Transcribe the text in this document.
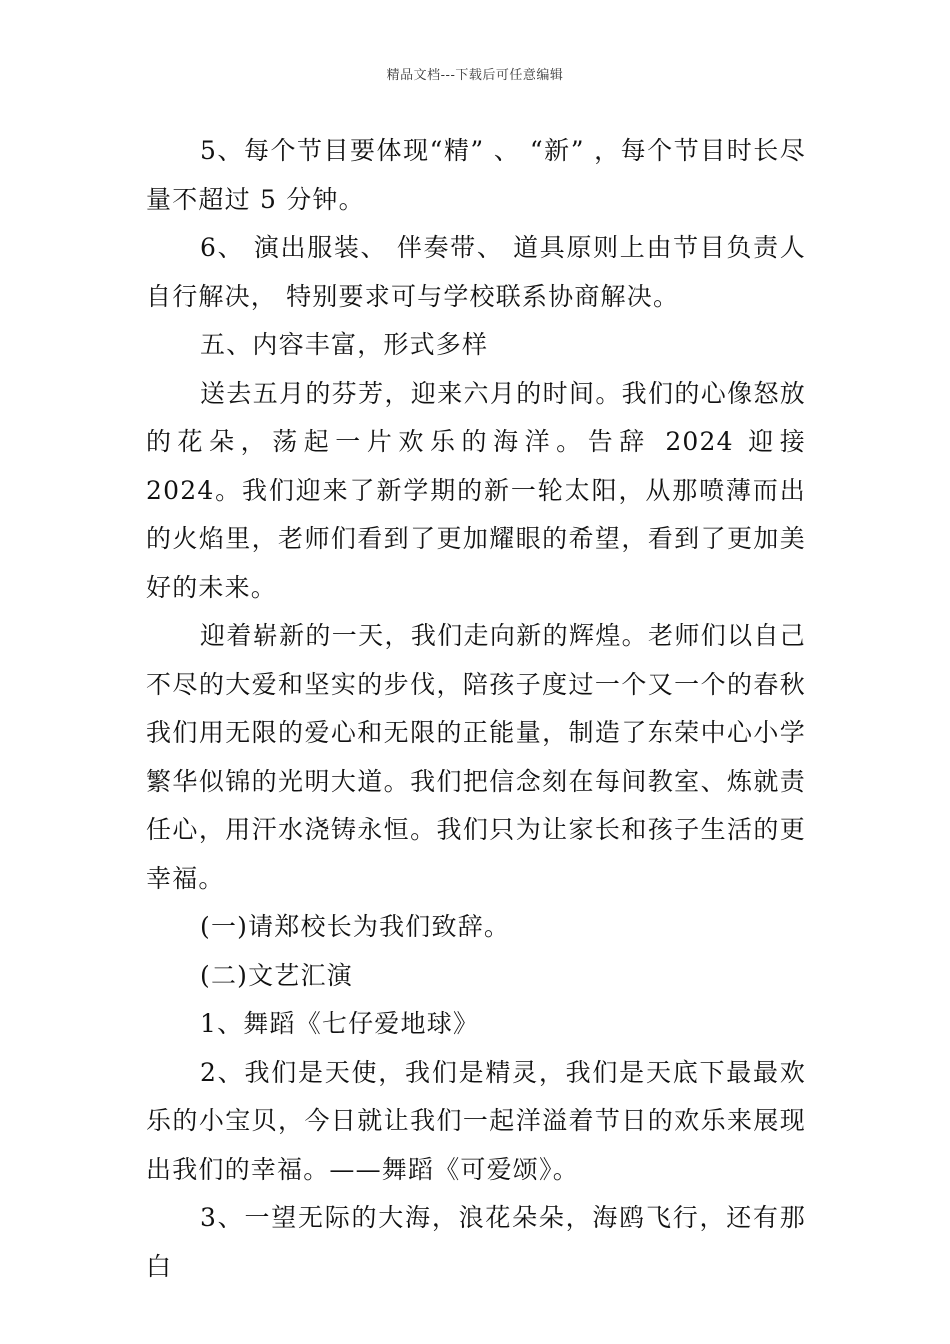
精品文档---下载后可任意编辑

5、每个节目要体现“精” 、 “新” ，每个节目时长尽量不超过 5 分钟。

6、 演出服装、 伴奏带、 道具原则上由节目负责人自行解决， 特别要求可与学校联系协商解决。

五、内容丰富，形式多样

送去五月的芬芳，迎来六月的时间。我们的心像怒放的花朵，荡起一片欢乐的海洋。告辞 2024 迎接 2024。我们迎来了新学期的新一轮太阳，从那喷薄而出的火焰里，老师们看到了更加耀眼的希望，看到了更加美好的未来。

迎着崭新的一天，我们走向新的辉煌。老师们以自己不尽的大爱和坚实的步伐，陪孩子度过一个又一个的春秋我们用无限的爱心和无限的正能量，制造了东荣中心小学繁华似锦的光明大道。我们把信念刻在每间教室、炼就责任心，用汗水浇铸永恒。我们只为让家长和孩子生活的更幸福。

(一)请郑校长为我们致辞。

(二)文艺汇演

1、舞蹈《七仔爱地球》

2、我们是天使，我们是精灵，我们是天底下最最欢乐的小宝贝，今日就让我们一起洋溢着节日的欢乐来展现出我们的幸福。——舞蹈《可爱颂》。

3、一望无际的大海，浪花朵朵，海鸥飞行，还有那白
